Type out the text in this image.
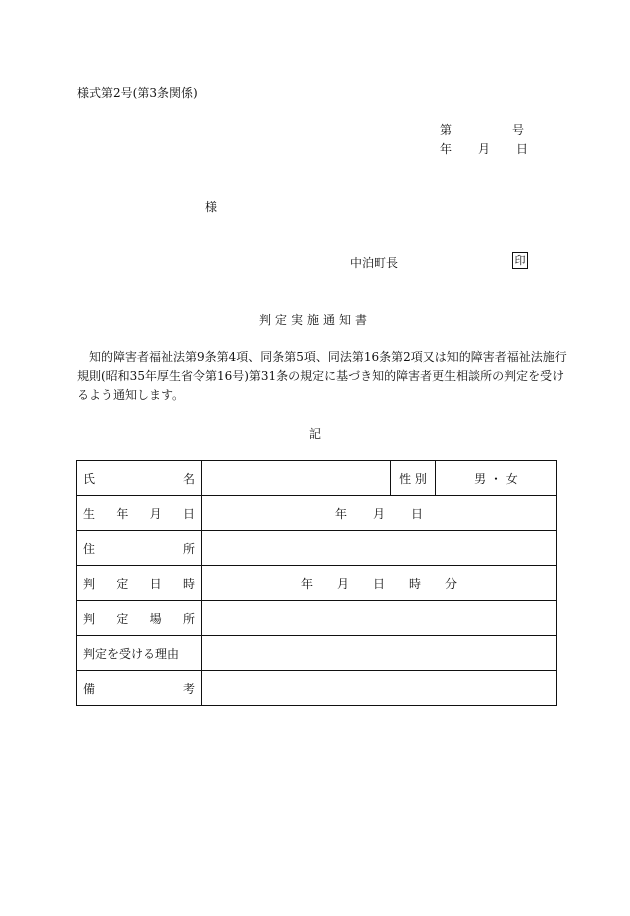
様式第2号(第3条関係)
第	号
年 月 日
様
中泊町長	印
判定実施通知書
　知的障害者福祉法第9条第4項、同条第5項、同法第16条第2項又は知的障害者福祉法施行
規則(昭和35年厚生省令第16号)第31条の規定に基づき知的障害者更生相談所の判定を受け
るよう通知します。
記
氏 名		性 別	男 ・ 女

生 年 月 日	年 月 日		

住 所			

判 定 日 時	年 月 日 時 分		

判 定 場 所			

判定を受ける理由			

備 考			
